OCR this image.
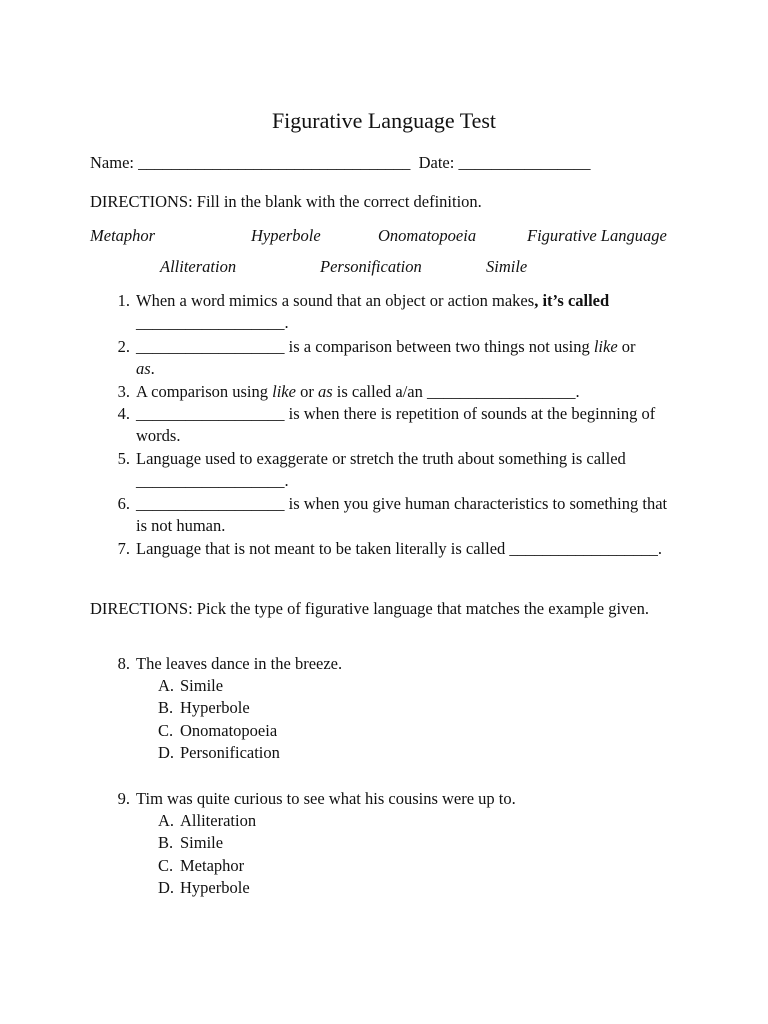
Figurative Language Test
Name: _________________________________ Date: ________________
DIRECTIONS: Fill in the blank with the correct definition.
Metaphor	Hyperbole	Onomatopoeia	Figurative Language
Alliteration	Personification	Simile
1. When a word mimics a sound that an object or action makes, it’s called
__________________.
2. __________________ is a comparison between two things not using like or
as.
3. A comparison using like or as is called a/an __________________.
4. __________________ is when there is repetition of sounds at the beginning of words.
5. Language used to exaggerate or stretch the truth about something is called __________________.
6. __________________ is when you give human characteristics to something that is not human.
7. Language that is not meant to be taken literally is called __________________.
DIRECTIONS: Pick the type of figurative language that matches the example given.
8. The leaves dance in the breeze.
A. Simile
B. Hyperbole
C. Onomatopoeia
D. Personification
9. Tim was quite curious to see what his cousins were up to.
A. Alliteration
B. Simile
C. Metaphor
D. Hyperbole
